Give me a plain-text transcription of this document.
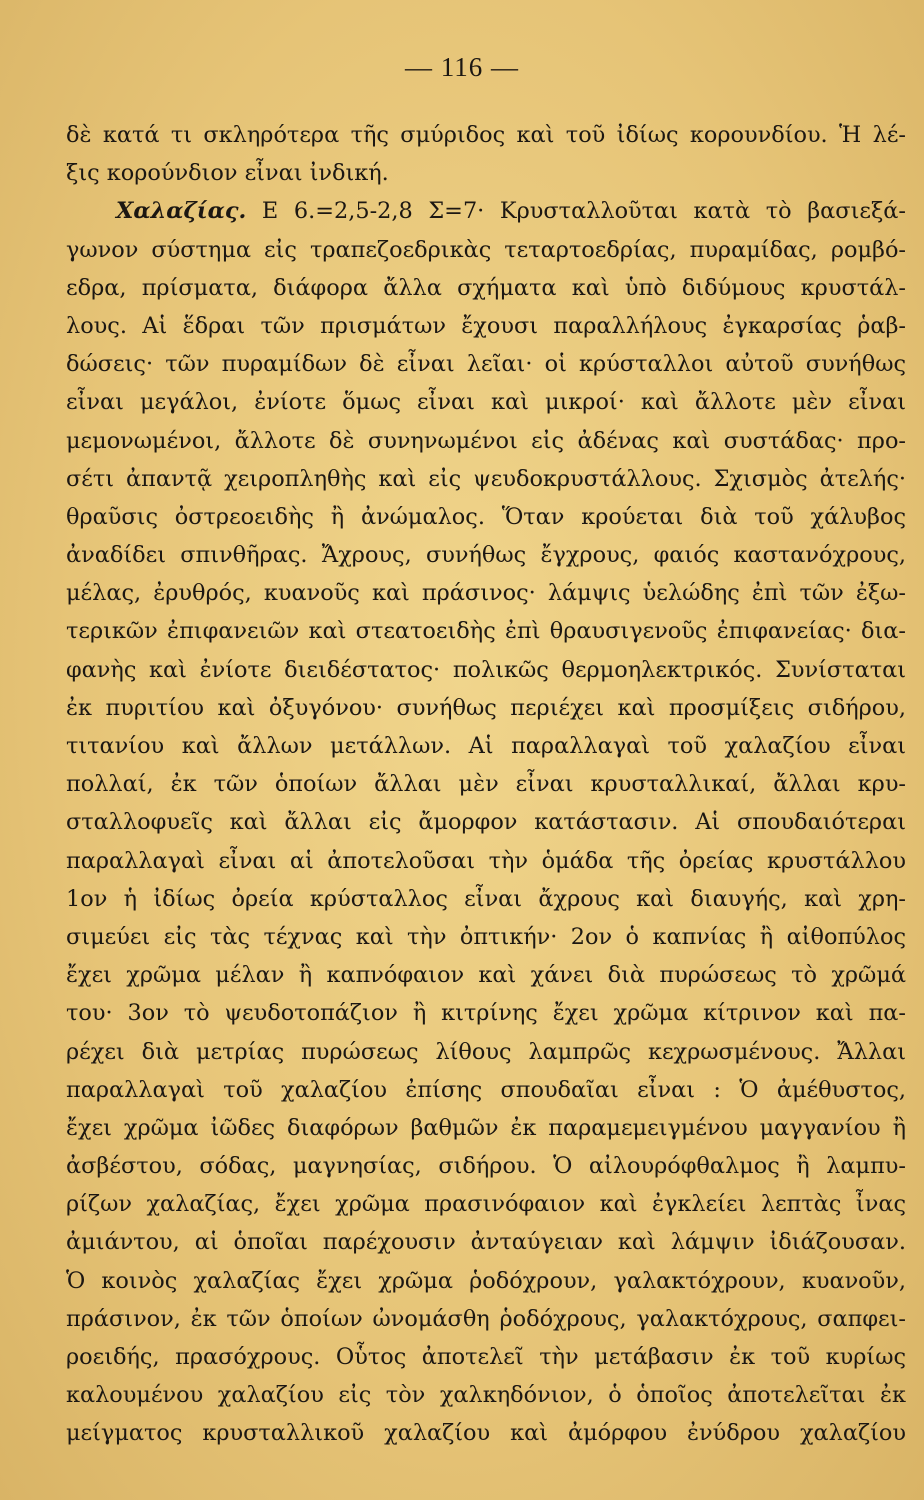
— 116 —
δὲ κατά τι σκληρότερα τῆς σμύριδος καὶ τοῦ ἰδίως κορουνδίου. Ἡ λέ-
ξις κορούνδιον εἶναι ἰνδική.
Χαλαζίας. Ε 6.=2,5-2,8 Σ=7· Κρυσταλλοῦται κατὰ τὸ βασιεξά-
γωνον σύστημα εἰς τραπεζοεδρικὰς τεταρτοεδρίας, πυραμίδας, ρομβό-
εδρα, πρίσματα, διάφορα ἄλλα σχήματα καὶ ὑπὸ διδύμους κρυστάλ-
λους. Αἱ ἕδραι τῶν πρισμάτων ἔχουσι παραλλήλους ἐγκαρσίας ῥαβ-
δώσεις· τῶν πυραμίδων δὲ εἶναι λεῖαι· οἱ κρύσταλλοι αὐτοῦ συνήθως
εἶναι μεγάλοι, ἐνίοτε ὅμως εἶναι καὶ μικροί· καὶ ἄλλοτε μὲν εἶναι
μεμονωμένοι, ἄλλοτε δὲ συνηνωμένοι εἰς ἀδένας καὶ συστάδας· προ-
σέτι ἀπαντᾷ χειροπληθὴς καὶ εἰς ψευδοκρυστάλλους. Σχισμὸς ἀτελής·
θραῦσις ὀστρεοειδὴς ἢ ἀνώμαλος. Ὅταν κρούεται διὰ τοῦ χάλυβος
ἀναδίδει σπινθῆρας. Ἄχρους, συνήθως ἔγχρους, φαιός καστανόχρους,
μέλας, ἐρυθρός, κυανοῦς καὶ πράσινος· λάμψις ὑελώδης ἐπὶ τῶν ἐξω-
τερικῶν ἐπιφανειῶν καὶ στεατοειδὴς ἐπὶ θραυσιγενοῦς ἐπιφανείας· δια-
φανὴς καὶ ἐνίοτε διειδέστατος· πολικῶς θερμοηλεκτρικός. Συνίσταται
ἐκ πυριτίου καὶ ὀξυγόνου· συνήθως περιέχει καὶ προσμίξεις σιδήρου,
τιτανίου καὶ ἄλλων μετάλλων. Αἱ παραλλαγαὶ τοῦ χαλαζίου εἶναι
πολλαί, ἐκ τῶν ὁποίων ἄλλαι μὲν εἶναι κρυσταλλικαί, ἄλλαι κρυ-
σταλλοφυεῖς καὶ ἄλλαι εἰς ἄμορφον κατάστασιν. Αἱ σπουδαιότεραι
παραλλαγαὶ εἶναι αἱ ἀποτελοῦσαι τὴν ὁμάδα τῆς ὀρείας κρυστάλλου
1ον ἡ ἰδίως ὀρεία κρύσταλλος εἶναι ἄχρους καὶ διαυγής, καὶ χρη-
σιμεύει εἰς τὰς τέχνας καὶ τὴν ὀπτικήν· 2ον ὁ καπνίας ἢ αἰθοπύλος
ἔχει χρῶμα μέλαν ἢ καπνόφαιον καὶ χάνει διὰ πυρώσεως τὸ χρῶμά
του· 3ον τὸ ψευδοτοπάζιον ἢ κιτρίνης ἔχει χρῶμα κίτρινον καὶ πα-
ρέχει διὰ μετρίας πυρώσεως λίθους λαμπρῶς κεχρωσμένους. Ἄλλαι
παραλλαγαὶ τοῦ χαλαζίου ἐπίσης σπουδαῖαι εἶναι : Ὁ ἀμέθυστος,
ἔχει χρῶμα ἰῶδες διαφόρων βαθμῶν ἐκ παραμεμειγμένου μαγγανίου ἢ
ἀσβέστου, σόδας, μαγνησίας, σιδήρου. Ὁ αἰλουρόφθαλμος ἢ λαμπυ-
ρίζων χαλαζίας, ἔχει χρῶμα πρασινόφαιον καὶ ἐγκλείει λεπτὰς ἶνας
ἀμιάντου, αἱ ὁποῖαι παρέχουσιν ἀνταύγειαν καὶ λάμψιν ἰδιάζουσαν.
Ὁ κοινὸς χαλαζίας ἔχει χρῶμα ῥοδόχρουν, γαλακτόχρουν, κυανοῦν,
πράσινον, ἐκ τῶν ὁποίων ὠνομάσθη ῥοδόχρους, γαλακτόχρους, σαπφει-
ροειδής, πρασόχρους. Οὗτος ἀποτελεῖ τὴν μετάβασιν ἐκ τοῦ κυρίως
καλουμένου χαλαζίου εἰς τὸν χαλκηδόνιον, ὁ ὁποῖος ἀποτελεῖται ἐκ
μείγματος κρυσταλλικοῦ χαλαζίου καὶ ἀμόρφου ἐνύδρου χαλαζίου
